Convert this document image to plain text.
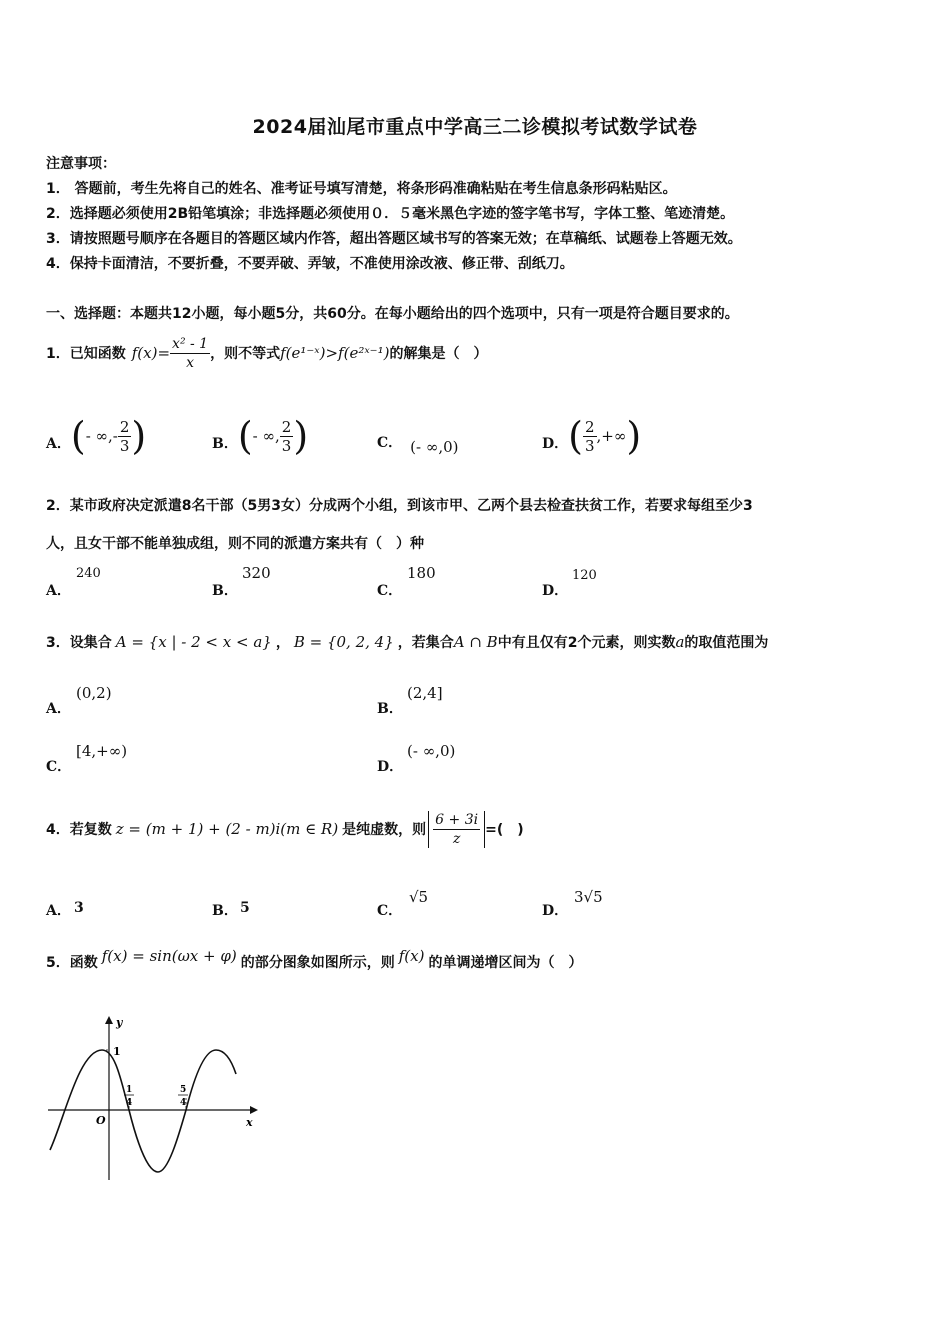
2024届汕尾市重点中学高三二诊模拟考试数学试卷
注意事项：
1． 答题前，考生先将自己的姓名、准考证号填写清楚，将条形码准确粘贴在考生信息条形码粘贴区。
2．选择题必须使用2B铅笔填涂；非选择题必须使用０．５毫米黑色字迹的签字笔书写，字体工整、笔迹清楚。
3．请按照题号顺序在各题目的答题区域内作答，超出答题区域书写的答案无效；在草稿纸、试题卷上答题无效。
4．保持卡面清洁，不要折叠，不要弄破、弄皱，不准使用涂改液、修正带、刮纸刀。
一、选择题：本题共12小题，每小题5分，共60分。在每小题给出的四个选项中，只有一项是符合题目要求的。
1．已知函数 $f(x)= \frac{\text{x² - 1}}{x}$ ，则不等式 f(e¹⁻ˣ)>f(e²ˣ⁻¹) 的解集是（　）
A． ( - ∞,- $\frac{2}{3}$ )	B． ( - ∞, $\frac{2}{3}$ )	C． (- ∞,0)	D． ( $\frac{2}{3}$ ,+∞ )
2．某市政府决定派遣8名干部（5男3女）分成两个小组，到该市甲、乙两个县去检查扶贫工作，若要求每组至少3
人，且女干部不能单独成组，则不同的派遣方案共有（　）种
A．
240
B．
320
C．
180
D．
120
3．设集合 A = {x | - 2 < x < a} ， B = {0, 2, 4} ，若集合 A ∩ B 中有且仅有2个元素，则实数 a 的取值范围为
A．
(0,2)
B．
(2,4]
C．
[4,+∞)
D．
(- ∞,0)
4．若复数 z = (m + 1) + (2 - m)i(m ∈ R) 是纯虚数，则 $\frac{6 + 3i}{z}$ =(　)
A． 3	B． 5	C．
√5
D．
3√5
5．函数 f(x) = sin(ωx + φ) 的部分图象如图所示，则 f(x) 的单调递增区间为（　）
y
x
O
1
1
4
5
4
